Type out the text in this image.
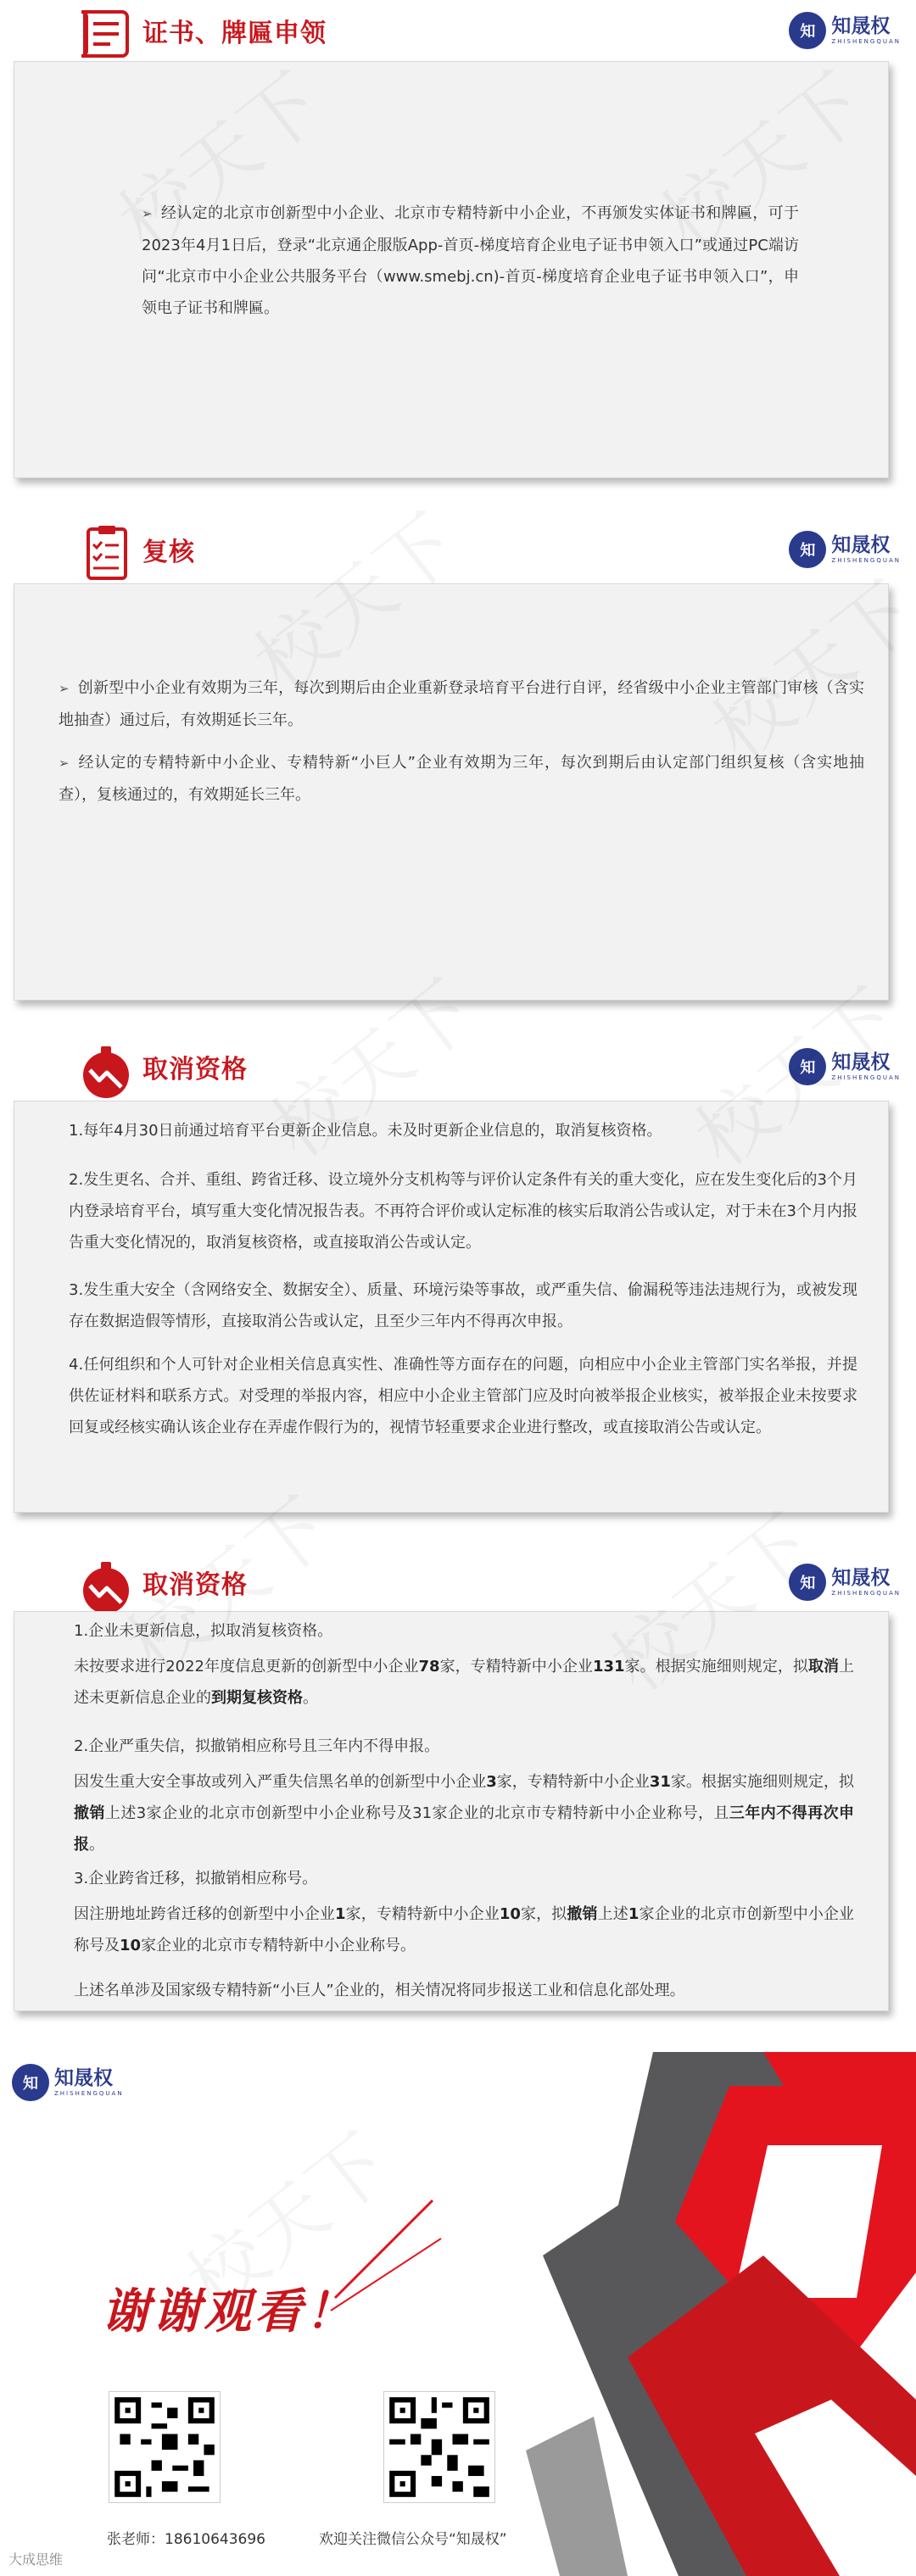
证书、牌匾申领	知 知晟权
ZHISHENGQUAN
➢ 经认定的北京市创新型中小企业、北京市专精特新中小企业，不再颁发实体证书和牌匾，可于2023年4月1日后，登录“北京通企服版App-首页-梯度培育企业电子证书申领入口”或通过PC端访问“北京市中小企业公共服务平台（www.smebj.cn)-首页-梯度培育企业电子证书申领入口”，申领电子证书和牌匾。
复核	知 知晟权
ZHISHENGQUAN
➢ 创新型中小企业有效期为三年，每次到期后由企业重新登录培育平台进行自评，经省级中小企业主管部门审核（含实地抽查）通过后，有效期延长三年。
➢ 经认定的专精特新中小企业、专精特新“小巨人”企业有效期为三年，每次到期后由认定部门组织复核（含实地抽查），复核通过的，有效期延长三年。
取消资格	知 知晟权
ZHISHENGQUAN
1.每年4月30日前通过培育平台更新企业信息。未及时更新企业信息的，取消复核资格。
2.发生更名、合并、重组、跨省迁移、设立境外分支机构等与评价认定条件有关的重大变化，应在发生变化后的3个月内登录培育平台，填写重大变化情况报告表。不再符合评价或认定标准的核实后取消公告或认定，对于未在3个月内报告重大变化情况的，取消复核资格，或直接取消公告或认定。
3.发生重大安全（含网络安全、数据安全）、质量、环境污染等事故，或严重失信、偷漏税等违法违规行为，或被发现存在数据造假等情形，直接取消公告或认定，且至少三年内不得再次申报。
4.任何组织和个人可针对企业相关信息真实性、准确性等方面存在的问题，向相应中小企业主管部门实名举报，并提供佐证材料和联系方式。对受理的举报内容，相应中小企业主管部门应及时向被举报企业核实，被举报企业未按要求回复或经核实确认该企业存在弄虚作假行为的，视情节轻重要求企业进行整改，或直接取消公告或认定。
取消资格	知 知晟权
ZHISHENGQUAN
1.企业未更新信息，拟取消复核资格。
未按要求进行2022年度信息更新的创新型中小企业78家，专精特新中小企业131家。根据实施细则规定，拟取消上述未更新信息企业的到期复核资格。
2.企业严重失信，拟撤销相应称号且三年内不得申报。
因发生重大安全事故或列入严重失信黑名单的创新型中小企业3家，专精特新中小企业31家。根据实施细则规定，拟撤销上述3家企业的北京市创新型中小企业称号及31家企业的北京市专精特新中小企业称号，且三年内不得再次申报。
3.企业跨省迁移，拟撤销相应称号。
因注册地址跨省迁移的创新型中小企业1家，专精特新中小企业10家，拟撤销上述1家企业的北京市创新型中小企业称号及10家企业的北京市专精特新中小企业称号。
上述名单涉及国家级专精特新“小巨人”企业的，相关情况将同步报送工业和信息化部处理。
知 知晟权
ZHISHENGQUAN
谢谢观看！
张老师：18610643696	欢迎关注微信公众号“知晟权”
大成思维
